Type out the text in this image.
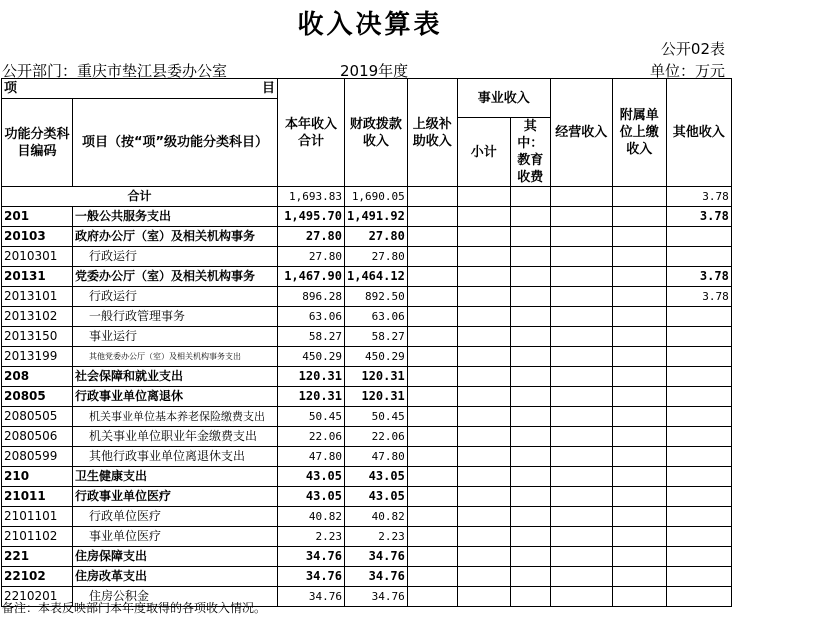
收入决算表
公开02表
公开部门：重庆市垫江县委办公室	2019年度	单位：万元
项 目		本年收入合计	财政拨款收入	上级补助收入	事业收入		经营收入	附属单位上缴收入	其他收入
功能分类科目编码	项目（按“项”级功能分类科目）								
					小计	其中：教育收费			
合计		1,693.83	1,690.05						3.78
201	一般公共服务支出	1,495.70	1,491.92						3.78
20103	政府办公厅（室）及相关机构事务	27.80	27.80						
2010301	行政运行	27.80	27.80						
20131	党委办公厅（室）及相关机构事务	1,467.90	1,464.12						3.78
2013101	行政运行	896.28	892.50						3.78
2013102	一般行政管理事务	63.06	63.06						
2013150	事业运行	58.27	58.27						
2013199	其他党委办公厅（室）及相关机构事务支出	450.29	450.29						
208	社会保障和就业支出	120.31	120.31						
20805	行政事业单位离退休	120.31	120.31						
2080505	机关事业单位基本养老保险缴费支出	50.45	50.45						
2080506	机关事业单位职业年金缴费支出	22.06	22.06						
2080599	其他行政事业单位离退休支出	47.80	47.80						
210	卫生健康支出	43.05	43.05						
21011	行政事业单位医疗	43.05	43.05						
2101101	行政单位医疗	40.82	40.82						
2101102	事业单位医疗	2.23	2.23						
221	住房保障支出	34.76	34.76						
22102	住房改革支出	34.76	34.76						
2210201	住房公积金	34.76	34.76						
备注：本表反映部门本年度取得的各项收入情况。
